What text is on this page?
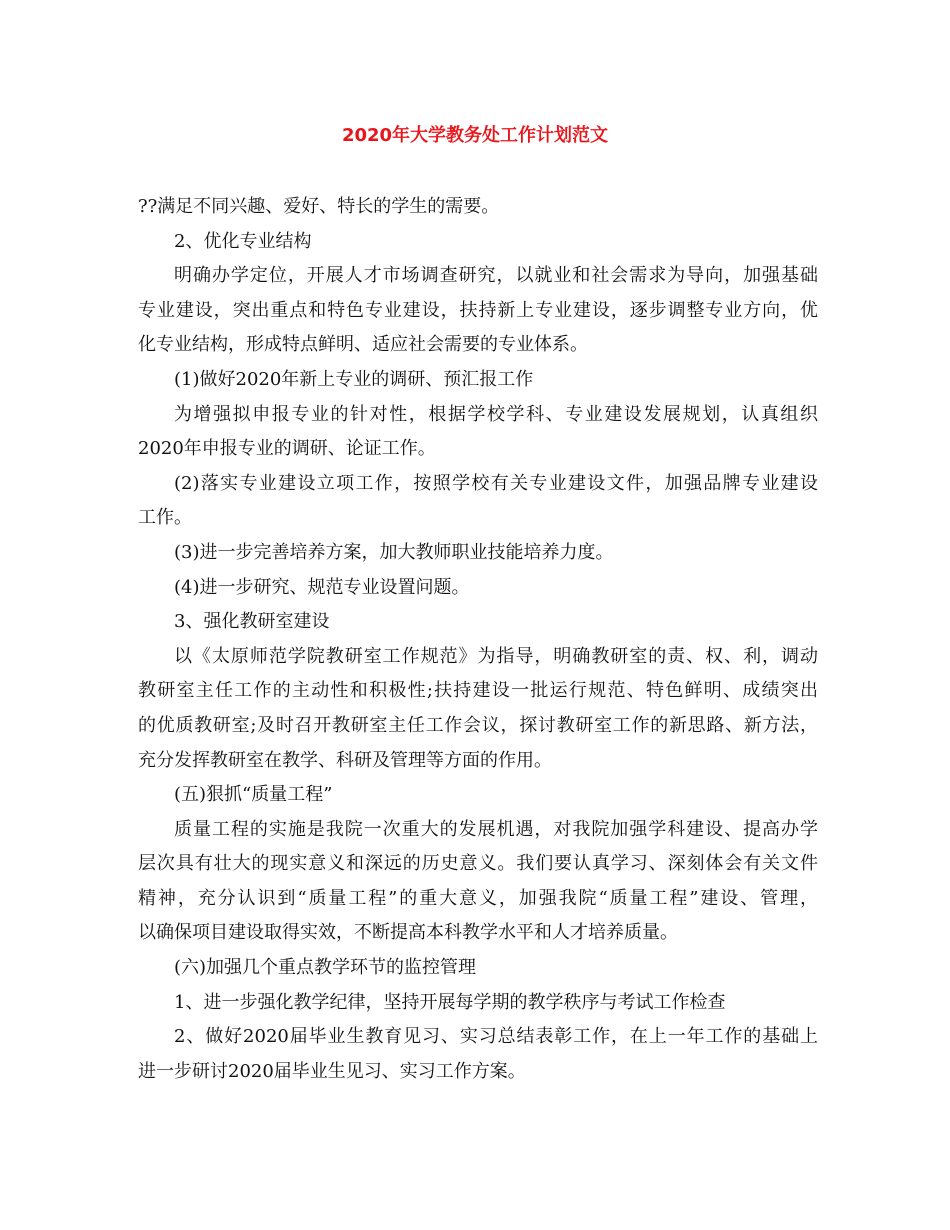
2020年大学教务处工作计划范文
??满足不同兴趣、爱好、特长的学生的需要。
2、优化专业结构
明确办学定位，开展人才市场调查研究，以就业和社会需求为导向，加强基础
专业建设，突出重点和特色专业建设，扶持新上专业建设，逐步调整专业方向，优
化专业结构，形成特点鲜明、适应社会需要的专业体系。
(1)做好2020年新上专业的调研、预汇报工作
为增强拟申报专业的针对性，根据学校学科、专业建设发展规划，认真组织
2020年申报专业的调研、论证工作。
(2)落实专业建设立项工作，按照学校有关专业建设文件，加强品牌专业建设
工作。
(3)进一步完善培养方案，加大教师职业技能培养力度。
(4)进一步研究、规范专业设置问题。
3、强化教研室建设
以《太原师范学院教研室工作规范》为指导，明确教研室的责、权、利，调动
教研室主任工作的主动性和积极性;扶持建设一批运行规范、特色鲜明、成绩突出
的优质教研室;及时召开教研室主任工作会议，探讨教研室工作的新思路、新方法，
充分发挥教研室在教学、科研及管理等方面的作用。
(五)狠抓“质量工程”
质量工程的实施是我院一次重大的发展机遇，对我院加强学科建设、提高办学
层次具有壮大的现实意义和深远的历史意义。我们要认真学习、深刻体会有关文件
精神，充分认识到“质量工程”的重大意义，加强我院“质量工程”建设、管理，
以确保项目建设取得实效，不断提高本科教学水平和人才培养质量。
(六)加强几个重点教学环节的监控管理
1、进一步强化教学纪律，坚持开展每学期的教学秩序与考试工作检查
2、做好2020届毕业生教育见习、实习总结表彰工作，在上一年工作的基础上
进一步研讨2020届毕业生见习、实习工作方案。
